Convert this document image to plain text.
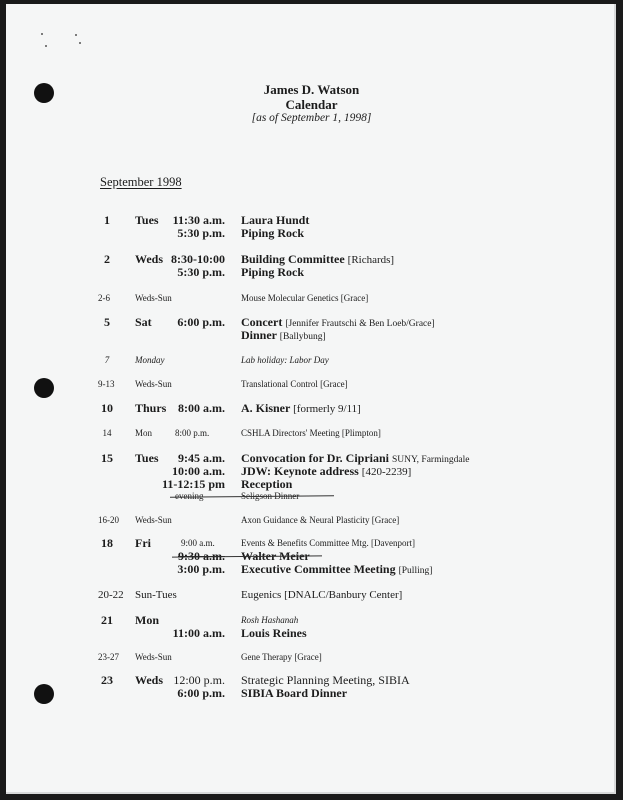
James D. Watson
Calendar
[as of September 1, 1998]
September 1998
1	Tues	11:30 a.m. Laura Hundt
5:30 p.m. Piping Rock
2	Weds 8:30-10:00 Building Committee [Richards]
5:30 p.m. Piping Rock
2-6	Weds-Sun	Mouse Molecular Genetics [Grace]
5	Sat	6:00 p.m. Concert [Jennifer Frautschi & Ben Loeb/Grace]
Dinner [Ballybung]
7	Monday	Lab holiday: Labor Day
9-13 Weds-Sun	Translational Control [Grace]
10 Thurs 8:00 a.m. A. Kisner [formerly 9/11]
14	Mon	8:00 p.m.	CSHLA Directors' Meeting [Plimpton]
15 Tues	9:45 a.m. Convocation for Dr. Cipriani SUNY, Farmingdale
10:00 a.m. JDW: Keynote address [420-2239]
11-12:15 pm Reception
evening	Seligson Dinner
16-20 Weds-Sun	Axon Guidance & Neural Plasticity [Grace]
18 Fri	9:00 a.m.	Events & Benefits Committee Mtg. [Davenport]
9:30 a.m. Walter Meier
3:00 p.m. Executive Committee Meeting [Pulling]
20-22 Sun-Tues	Eugenics [DNALC/Banbury Center]
21 Mon	Rosh Hashanah
11:00 a.m. Louis Reines
23-27 Weds-Sun	Gene Therapy [Grace]
23 Weds 12:00 p.m. Strategic Planning Meeting, SIBIA
6:00 p.m. SIBIA Board Dinner
